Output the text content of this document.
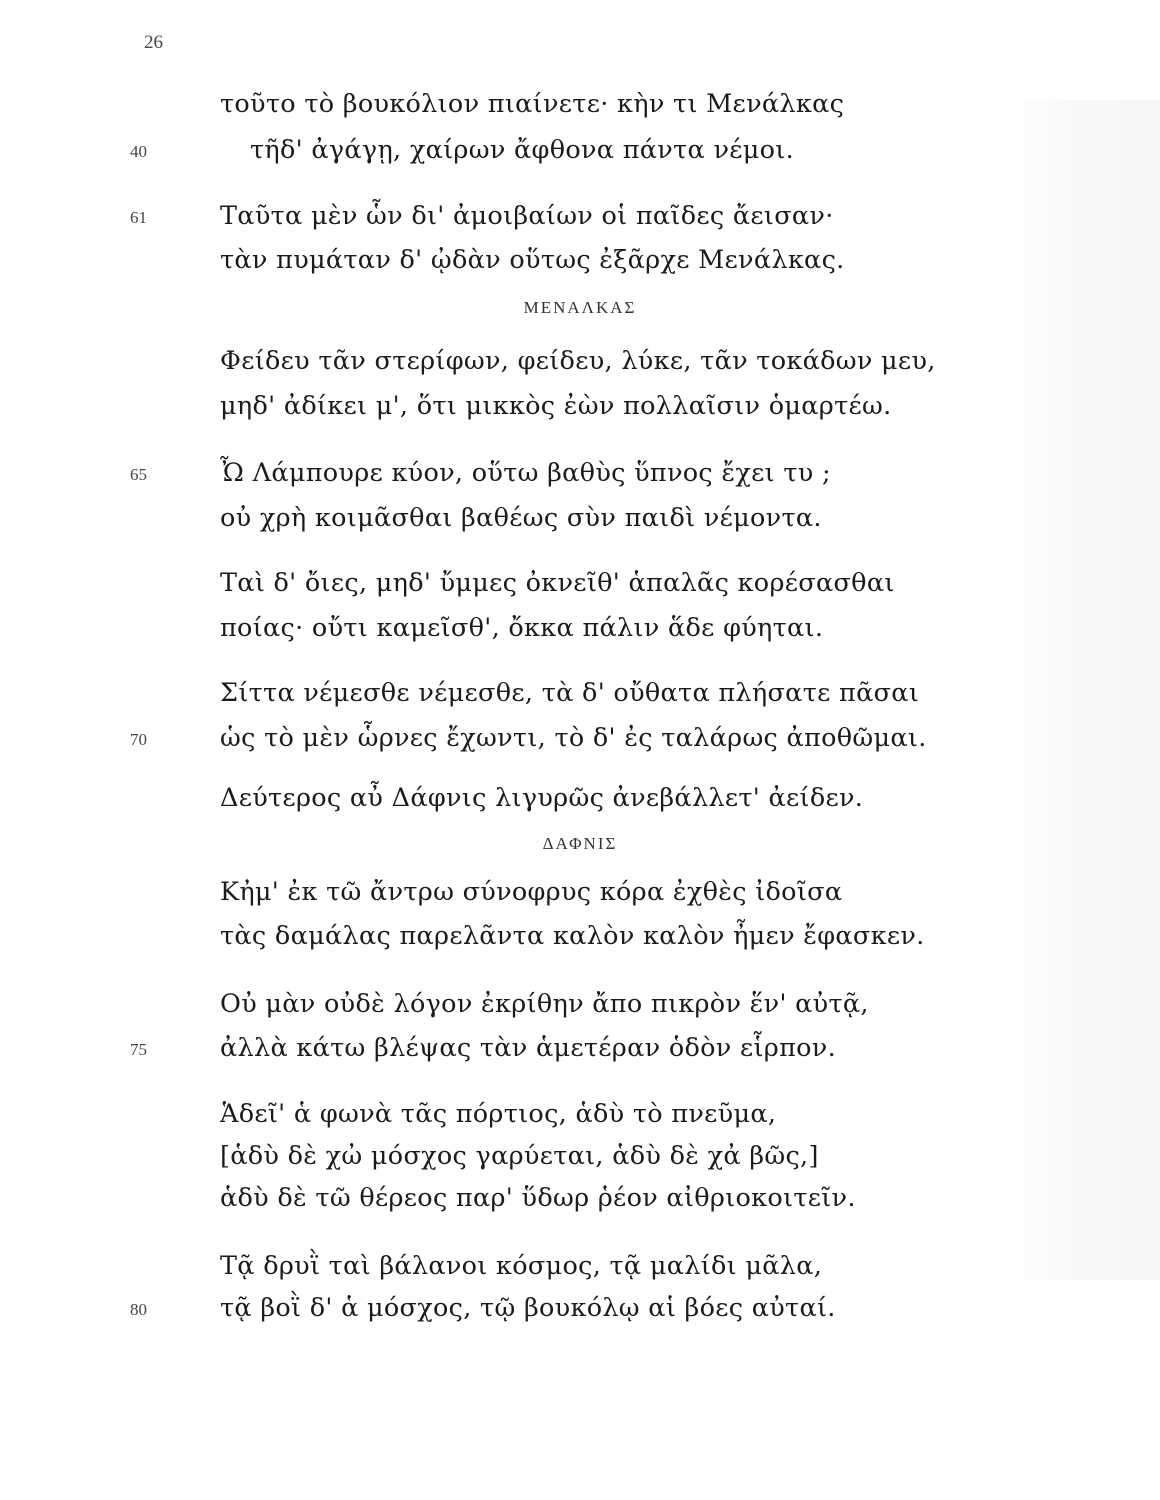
26
τοῦτο τὸ βουκόλιον πιαίνετε· κὴν τι Μενάλκας
τῆδ' ἀγάγῃ, χαίρων ἄφθονα πάντα νέμοι.
40
Ταῦτα μὲν ὧν δι' ἀμοιβαίων οἱ παῖδες ἄεισαν·
61
τὰν πυμάταν δ' ᾠδὰν οὕτως ἐξᾶρχε Μενάλκας.
ΜΕΝΑΛΚΑΣ
Φείδευ τᾶν στερίφων, φείδευ, λύκε, τᾶν τοκάδων μευ,
μηδ' ἀδίκει μ', ὅτι μικκὸς ἐὼν πολλαῖσιν ὁμαρτέω.
Ὦ Λάμπουρε κύον, οὕτω βαθὺς ὕπνος ἔχει τυ ;
65
οὐ χρὴ κοιμᾶσθαι βαθέως σὺν παιδὶ νέμοντα.
Ταὶ δ' ὄιες, μηδ' ὔμμες ὀκνεῖθ' ἁπαλᾶς κορέσασθαι
ποίας· οὔτι καμεῖσθ', ὄκκα πάλιν ἅδε φύηται.
Σίττα νέμεσθε νέμεσθε, τὰ δ' οὔθατα πλήσατε πᾶσαι
ὡς τὸ μὲν ὧρνες ἔχωντι, τὸ δ' ἐς ταλάρως ἀποθῶμαι.
70
Δεύτερος αὖ Δάφνις λιγυρῶς ἀνεβάλλετ' ἀείδεν.
ΔΑΦΝΙΣ
Κἠμ' ἐκ τῶ ἄντρω σύνοφρυς κόρα ἐχθὲς ἰδοῖσα
τὰς δαμάλας παρελᾶντα καλὸν καλὸν ἦμεν ἔφασκεν.
Οὐ μὰν οὐδὲ λόγον ἐκρίθην ἄπο πικρὸν ἕν' αὐτᾷ,
ἀλλὰ κάτω βλέψας τὰν ἁμετέραν ὁδὸν εἷρπον.
75
Ἁδεῖ' ἁ φωνὰ τᾶς πόρτιος, ἁδὺ τὸ πνεῦμα,
[ἁδὺ δὲ χὠ μόσχος γαρύεται, ἁδὺ δὲ χἀ βῶς,]
ἁδὺ δὲ τῶ θέρεος παρ' ὕδωρ ῥέον αἰθριοκοιτεῖν.
Τᾷ δρυῒ ταὶ βάλανοι κόσμος, τᾷ μαλίδι μᾶλα,
τᾷ βοῒ δ' ἁ μόσχος, τῷ βουκόλῳ αἱ βόες αὐταί.
80
